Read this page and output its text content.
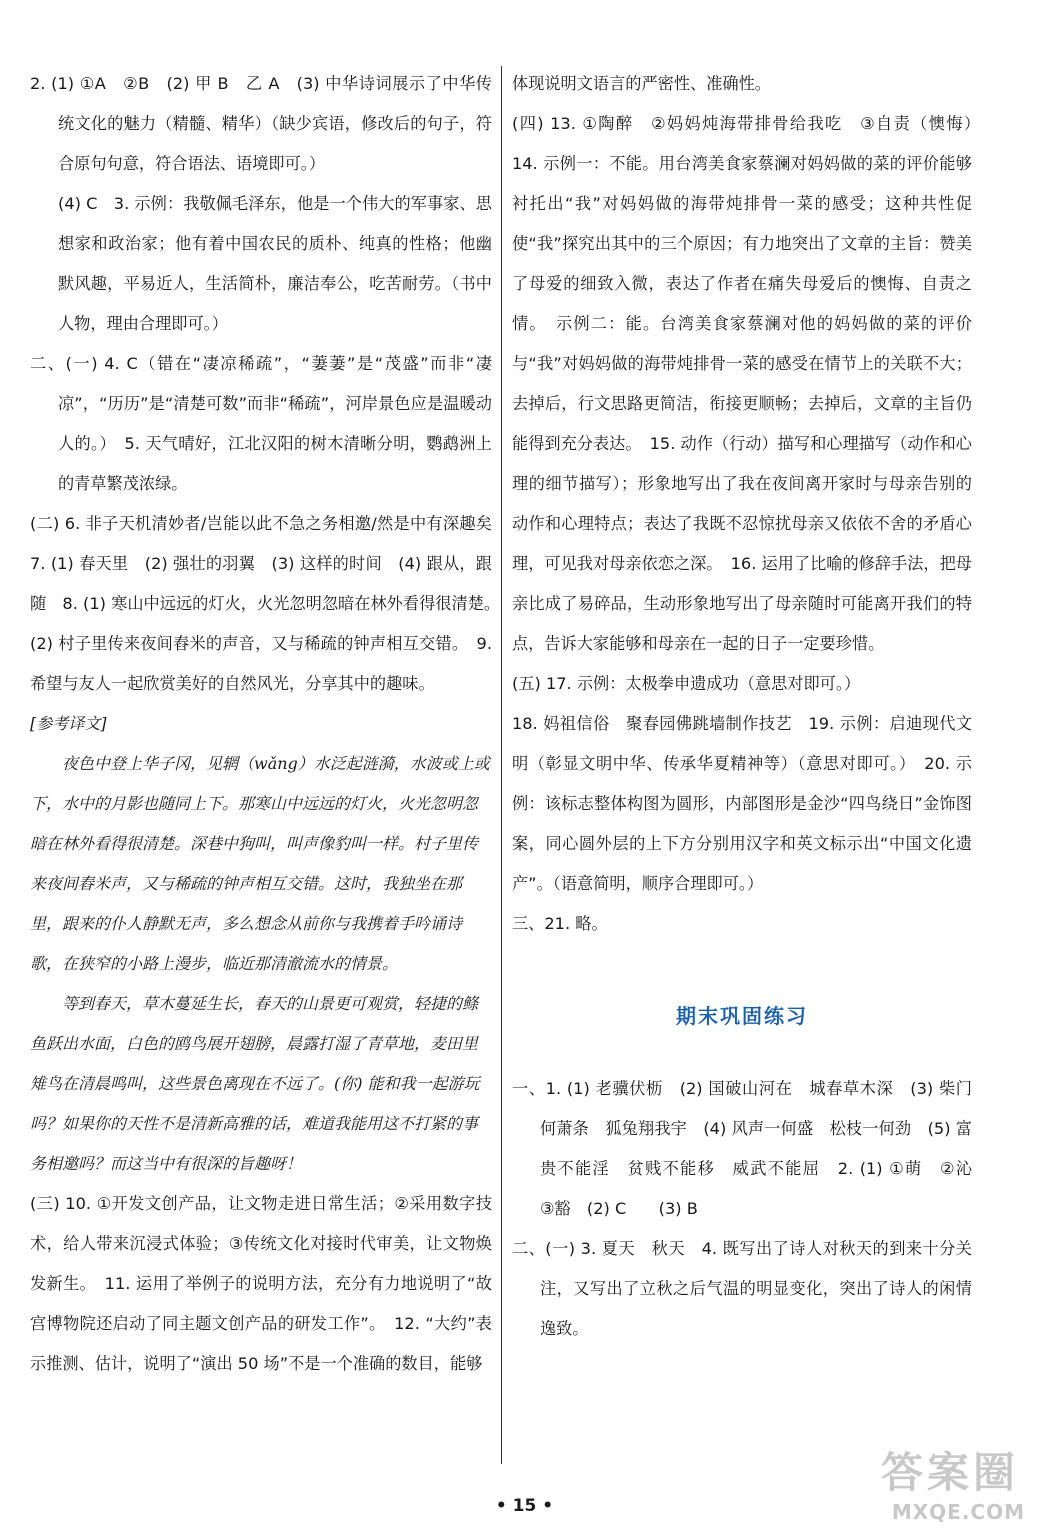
2. (1) ①A　②B　(2) 甲 B　乙 A　(3) 中华诗词展示了中华传统文化的魅力（精髓、精华）（缺少宾语，修改后的句子，符合原句句意，符合语法、语境即可。）

(4) C　3. 示例：我敬佩毛泽东，他是一个伟大的军事家、思想家和政治家；他有着中国农民的质朴、纯真的性格；他幽默风趣，平易近人，生活简朴，廉洁奉公，吃苦耐劳。（书中人物，理由合理即可。）

二、(一) 4. C（错在“凄凉稀疏”，“萋萋”是“茂盛”而非“凄凉”，“历历”是“清楚可数”而非“稀疏”，河岸景色应是温暖动人的。）　5. 天气晴好，江北汉阳的树木清晰分明，鹦鹉洲上的青草繁茂浓绿。

(二) 6. 非子天机清妙者/岂能以此不急之务相邀/然是中有深趣矣　7. (1) 春天里　(2) 强壮的羽翼　(3) 这样的时间　(4) 跟从，跟随　8. (1) 寒山中远远的灯火，火光忽明忽暗在林外看得很清楚。　(2) 村子里传来夜间舂米的声音，又与稀疏的钟声相互交错。　9. 希望与友人一起欣赏美好的自然风光，分享其中的趣味。

[参考译文]

夜色中登上华子冈，见辋（wǎng）水泛起涟漪，水波或上或下，水中的月影也随同上下。那寒山中远远的灯火，火光忽明忽暗在林外看得很清楚。深巷中狗叫，叫声像豹叫一样。村子里传来夜间舂米声，又与稀疏的钟声相互交错。这时，我独坐在那里，跟来的仆人静默无声，多么想念从前你与我携着手吟诵诗歌，在狭窄的小路上漫步，临近那清澈流水的情景。

等到春天，草木蔓延生长，春天的山景更可观赏，轻捷的鲦鱼跃出水面，白色的鸥鸟展开翅膀，晨露打湿了青草地，麦田里雉鸟在清晨鸣叫，这些景色离现在不远了。(你) 能和我一起游玩吗？如果你的天性不是清新高雅的话，难道我能用这不打紧的事务相邀吗？而这当中有很深的旨趣呀！

(三) 10. ①开发文创产品，让文物走进日常生活；②采用数字技术，给人带来沉浸式体验；③传统文化对接时代审美，让文物焕发新生。　11. 运用了举例子的说明方法，充分有力地说明了“故宫博物院还启动了同主题文创产品的研发工作”。　12. “大约”表示推测、估计，说明了“演出 50 场”不是一个准确的数目，能够

体现说明文语言的严密性、准确性。

(四) 13. ①陶醉　②妈妈炖海带排骨给我吃　③自责（懊悔）　14. 示例一：不能。用台湾美食家蔡澜对妈妈做的菜的评价能够衬托出“我”对妈妈做的海带炖排骨一菜的感受；这种共性促使“我”探究出其中的三个原因；有力地突出了文章的主旨：赞美了母爱的细致入微，表达了作者在痛失母爱后的懊悔、自责之情。　示例二：能。台湾美食家蔡澜对他的妈妈做的菜的评价与“我”对妈妈做的海带炖排骨一菜的感受在情节上的关联不大；去掉后，行文思路更简洁，衔接更顺畅；去掉后，文章的主旨仍能得到充分表达。　15. 动作（行动）描写和心理描写（动作和心理的细节描写）；形象地写出了我在夜间离开家时与母亲告别的动作和心理特点；表达了我既不忍惊扰母亲又依依不舍的矛盾心理，可见我对母亲依恋之深。　16. 运用了比喻的修辞手法，把母亲比成了易碎品，生动形象地写出了母亲随时可能离开我们的特点，告诉大家能够和母亲在一起的日子一定要珍惜。

(五) 17. 示例：太极拳申遗成功（意思对即可。）

18. 妈祖信俗　聚春园佛跳墙制作技艺　19. 示例：启迪现代文明（彰显文明中华、传承华夏精神等）（意思对即可。）　20. 示例：该标志整体构图为圆形，内部图形是金沙“四鸟绕日”金饰图案，同心圆外层的上下方分别用汉字和英文标示出“中国文化遗产”。（语意简明，顺序合理即可。）

三、21. 略。

期末巩固练习

一、1. (1) 老骥伏枥　(2) 国破山河在　城春草木深　(3) 柴门何萧条　狐兔翔我宇　(4) 风声一何盛　松枝一何劲　(5) 富贵不能淫　贫贱不能移　威武不能屈　2. (1) ①萌　②沁　③豁　(2) C　　(3) B

二、(一) 3. 夏天　秋天　4. 既写出了诗人对秋天的到来十分关注，又写出了立秋之后气温的明显变化，突出了诗人的闲情逸致。

• 15 •
答案圈
MXQE.COM
